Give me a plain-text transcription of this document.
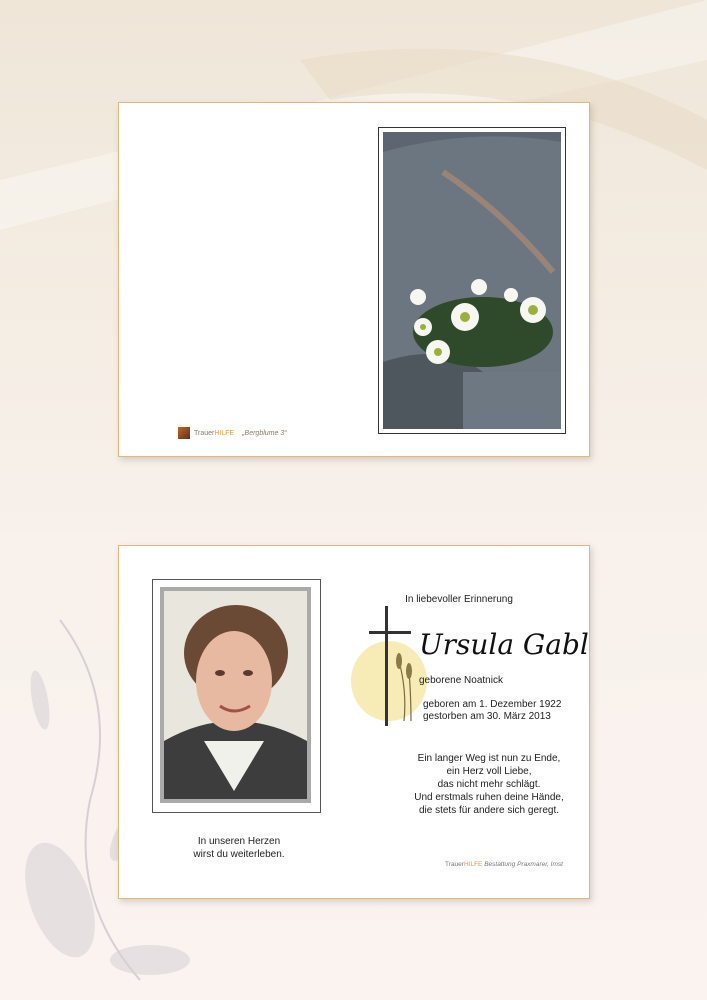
Trauer HILFE „Bergblume 3“
In liebevoller Erinnerung
Ursula Gabl
geborene Noatnick
geboren am 1. Dezember 1922
gestorben am 30. März 2013
Ein langer Weg ist nun zu Ende,
ein Herz voll Liebe,
das nicht mehr schlägt.
Und erstmals ruhen deine Hände,
die stets für andere sich geregt.
In unseren Herzen
wirst du weiterleben.
TrauerHILFE Bestattung Praxmarer, Imst
